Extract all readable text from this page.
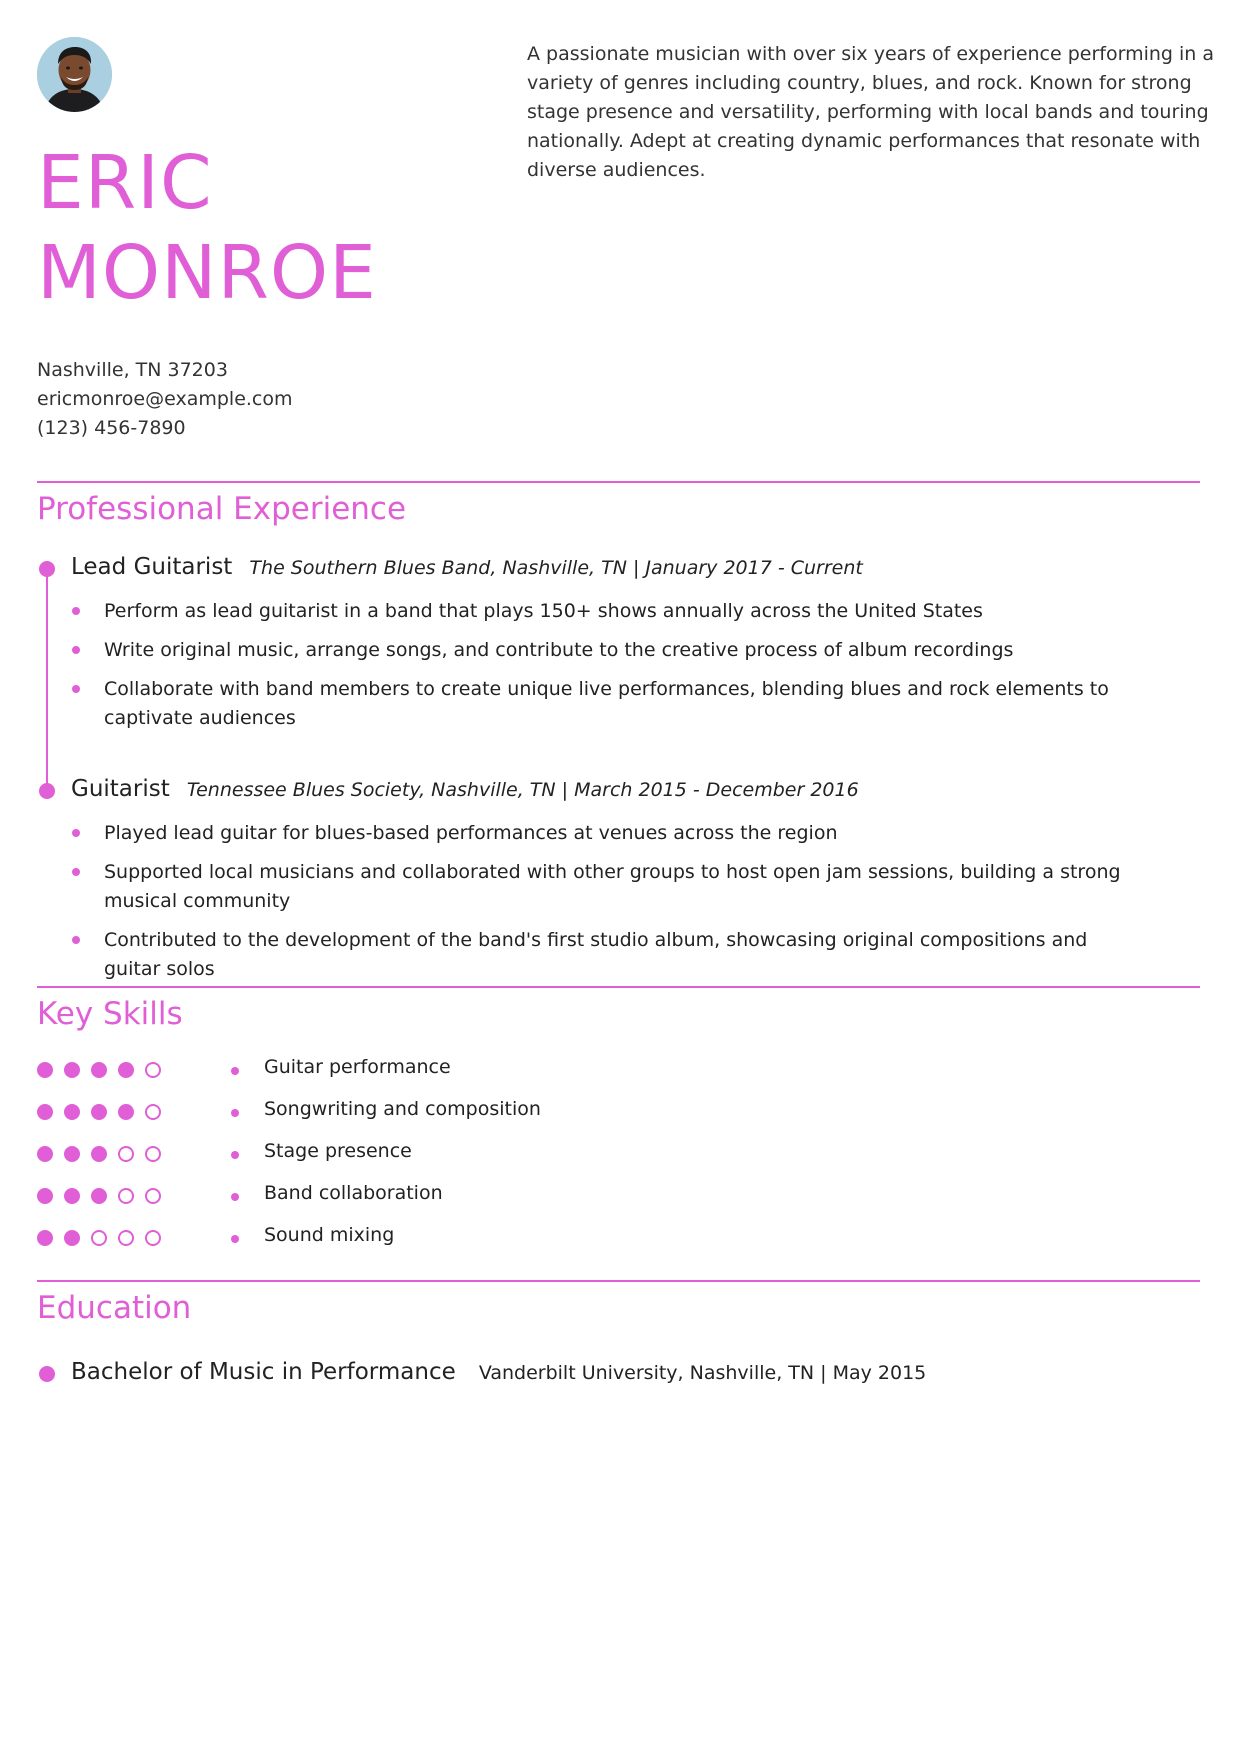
ERIC
MONROE

A passionate musician with over six years of experience performing in a variety of genres including country, blues, and rock. Known for strong stage presence and versatility, performing with local bands and touring nationally. Adept at creating dynamic performances that resonate with diverse audiences.

Nashville, TN 37203
ericmonroe@example.com
(123) 456-7890
Professional Experience
Lead Guitarist The Southern Blues Band, Nashville, TN | January 2017 - Current
Perform as lead guitarist in a band that plays 150+ shows annually across the United States
Write original music, arrange songs, and contribute to the creative process of album recordings
Collaborate with band members to create unique live performances, blending blues and rock elements to captivate audiences
Guitarist Tennessee Blues Society, Nashville, TN | March 2015 - December 2016
Played lead guitar for blues-based performances at venues across the region
Supported local musicians and collaborated with other groups to host open jam sessions, building a strong musical community
Contributed to the development of the band's first studio album, showcasing original compositions and guitar solos
Key Skills
Guitar performance
Songwriting and composition
Stage presence
Band collaboration
Sound mixing
Education
Bachelor of Music in Performance Vanderbilt University, Nashville, TN | May 2015
